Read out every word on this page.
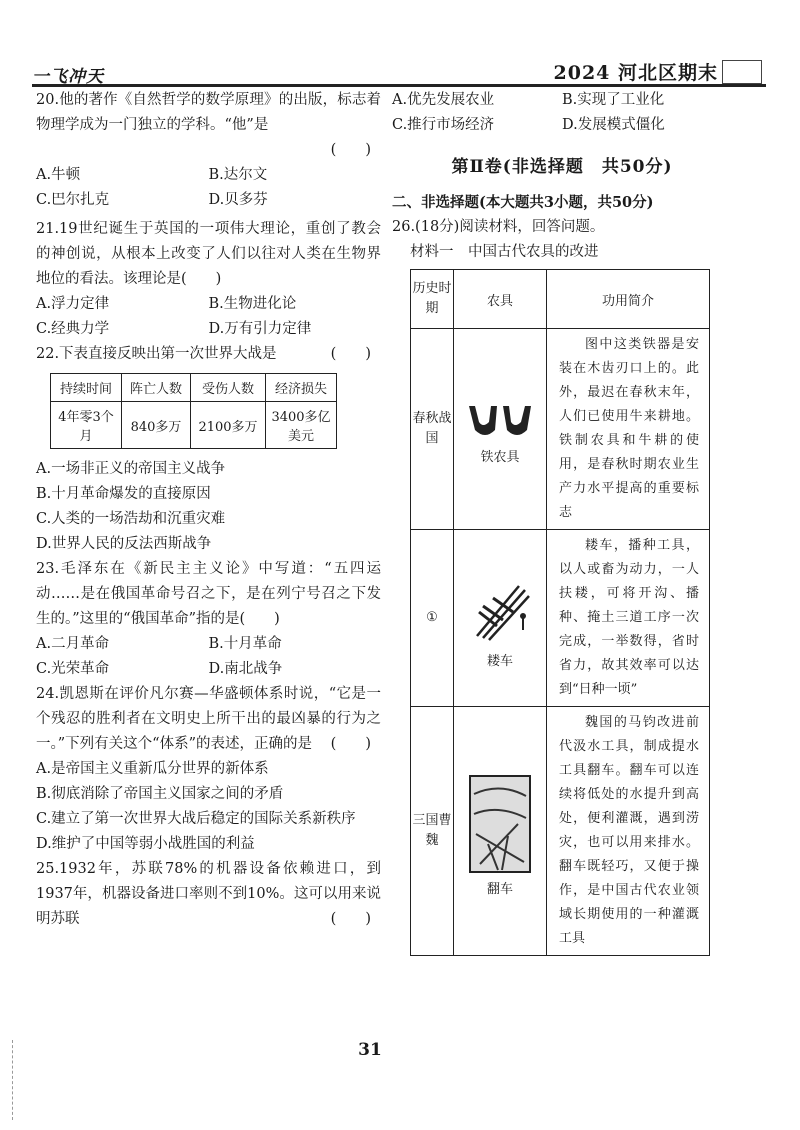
一飞冲天	2024 河北区期末
20.他的著作《自然哲学的数学原理》的出版，标志着物理学成为一门独立的学科。“他”是
(　　)
A.牛顿	B.达尔文
C.巴尔扎克	D.贝多芬
21.19世纪诞生于英国的一项伟大理论，重创了教会的神创说，从根本上改变了人们以往对人类在生物界地位的看法。该理论是(　　)
A.浮力定律	B.生物进化论
C.经典力学	D.万有引力定律
22.下表直接反映出第一次世界大战是	(　　)
持续时间	阵亡人数	受伤人数	经济损失
4年零3个月	840多万	2100多万	3400多亿美元
A.一场非正义的帝国主义战争
B.十月革命爆发的直接原因
C.人类的一场浩劫和沉重灾难
D.世界人民的反法西斯战争
23.毛泽东在《新民主主义论》中写道：“五四运动……是在俄国革命号召之下，是在列宁号召之下发生的。”这里的“俄国革命”指的是(　　)
A.二月革命	B.十月革命
C.光荣革命	D.南北战争
24.凯恩斯在评价凡尔赛—华盛顿体系时说，“它是一个残忍的胜利者在文明史上所干出的最凶暴的行为之一。”下列有关这个“体系”的表述，正确的是 (　　)
A.是帝国主义重新瓜分世界的新体系
B.彻底消除了帝国主义国家之间的矛盾
C.建立了第一次世界大战后稳定的国际关系新秩序
D.维护了中国等弱小战胜国的利益
25.1932年，苏联78%的机器设备依赖进口，到1937年，机器设备进口率则不到10%。这可以用来说明苏联	(　　)
A.优先发展农业	B.实现了工业化
C.推行市场经济	D.发展模式僵化
第Ⅱ卷(非选择题　共50分)
二、非选择题(本大题共3小题，共50分)
26.(18分)阅读材料，回答问题。
材料一　中国古代农具的改进
历史时期	农具	功用简介
春秋战国	铁农具	图中这类铁器是安装在木齿刃口上的。此外，最迟在春秋末年，人们已使用牛来耕地。铁制农具和牛耕的使用，是春秋时期农业生产力水平提高的重要标志
①	耧车	耧车，播种工具，以人或畜为动力，一人扶耧，可将开沟、播种、掩土三道工序一次完成，一举数得，省时省力，故其效率可以达到“日种一顷”
三国曹魏	翻车	魏国的马钧改进前代汲水工具，制成提水工具翻车。翻车可以连续将低处的水提升到高处，便利灌溉，遇到涝灾，也可以用来排水。翻车既轻巧，又便于操作，是中国古代农业领域长期使用的一种灌溉工具
31
